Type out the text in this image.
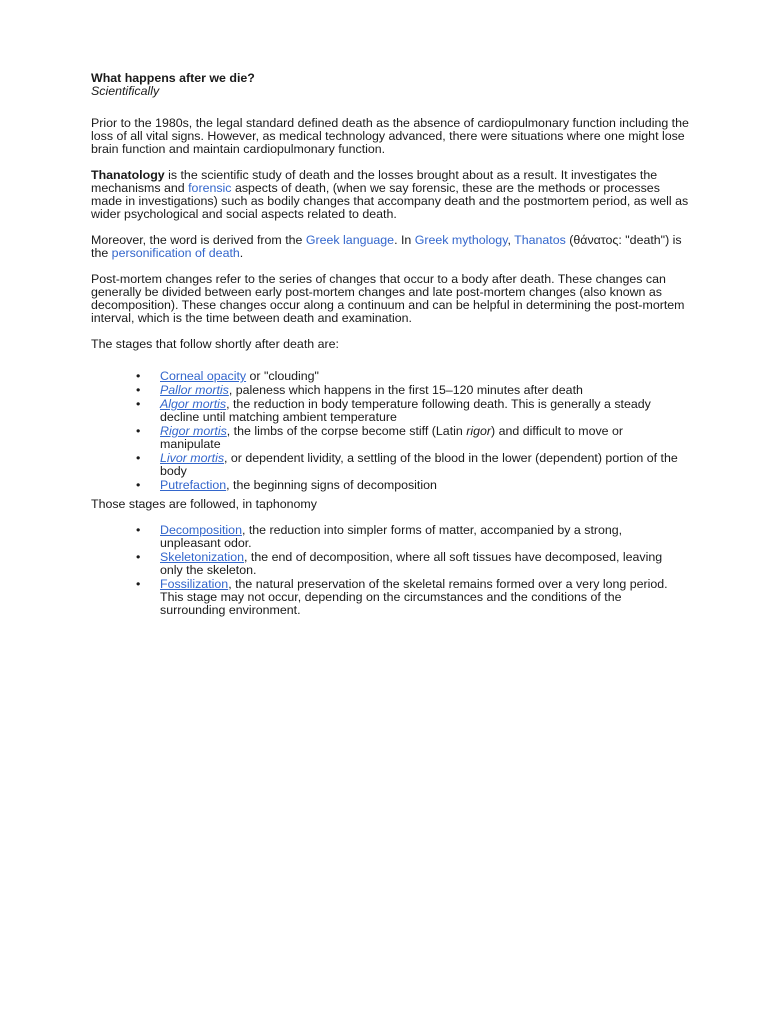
What happens after we die?
Scientifically

Prior to the 1980s, the legal standard defined death as the absence of cardiopulmonary function including the loss of all vital signs. However, as medical technology advanced, there were situations where one might lose brain function and maintain cardiopulmonary function.

Thanatology is the scientific study of death and the losses brought about as a result. It investigates the mechanisms and forensic aspects of death, (when we say forensic, these are the methods or processes made in investigations) such as bodily changes that accompany death and the postmortem period, as well as wider psychological and social aspects related to death.

Moreover, the word is derived from the Greek language. In Greek mythology, Thanatos (θάνατος: "death") is the personification of death.

Post-mortem changes refer to the series of changes that occur to a body after death. These changes can generally be divided between early post-mortem changes and late post-mortem changes (also known as decomposition). These changes occur along a continuum and can be helpful in determining the post-mortem interval, which is the time between death and examination.

The stages that follow shortly after death are:

• Corneal opacity or "clouding"
• Pallor mortis, paleness which happens in the first 15–120 minutes after death
• Algor mortis, the reduction in body temperature following death. This is generally a steady decline until matching ambient temperature
• Rigor mortis, the limbs of the corpse become stiff (Latin rigor) and difficult to move or manipulate
• Livor mortis, or dependent lividity, a settling of the blood in the lower (dependent) portion of the body
• Putrefaction, the beginning signs of decomposition

Those stages are followed, in taphonomy

• Decomposition, the reduction into simpler forms of matter, accompanied by a strong, unpleasant odor.
• Skeletonization, the end of decomposition, where all soft tissues have decomposed, leaving only the skeleton.
• Fossilization, the natural preservation of the skeletal remains formed over a very long period. This stage may not occur, depending on the circumstances and the conditions of the surrounding environment.
